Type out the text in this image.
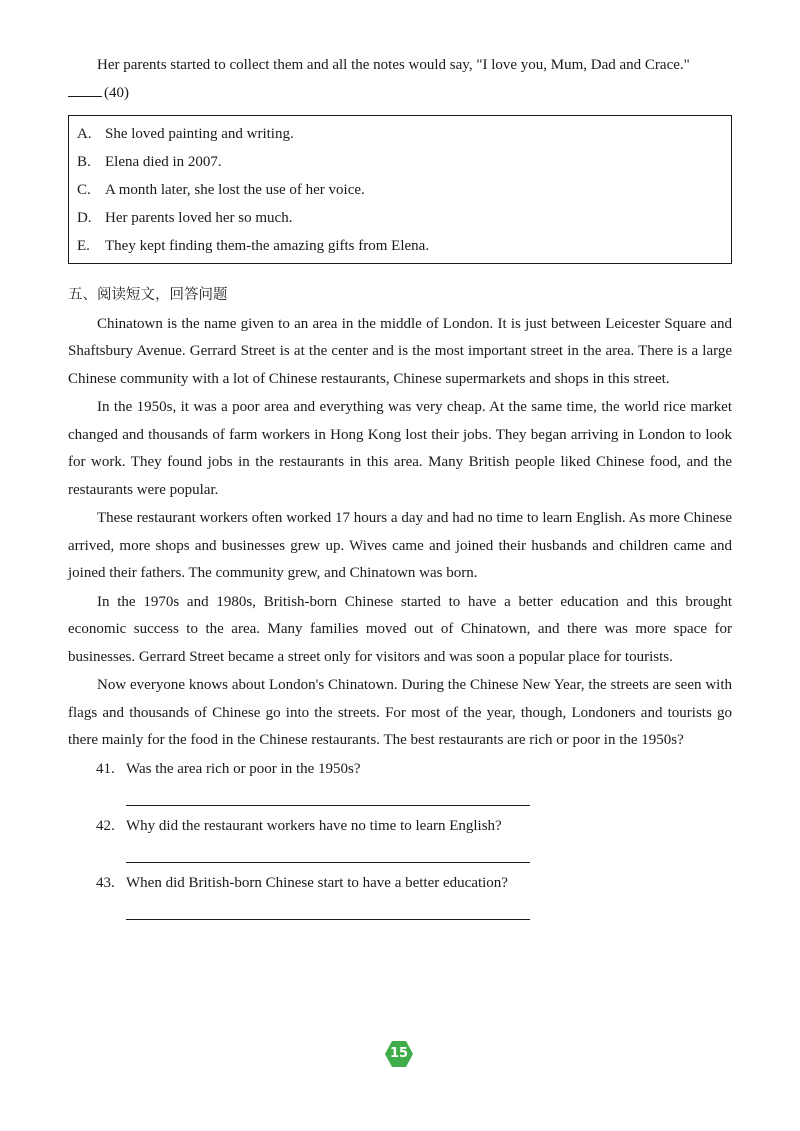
Her parents started to collect them and all the notes would say, "I love you, Mum, Dad and Crace."

(40)

A. She loved painting and writing.
B. Elena died in 2007.
C. A month later, she lost the use of her voice.
D. Her parents loved her so much.
E.	They kept finding them-the amazing gifts from Elena.
五、阅读短文，回答问题

Chinatown is the name given to an area in the middle of London. It is just between Leicester Square and Shaftsbury Avenue. Gerrard Street is at the center and is the most important street in the area. There is a large Chinese community with a lot of Chinese restaurants, Chinese supermarkets and shops in this street.

In the 1950s, it was a poor area and everything was very cheap. At the same time, the world rice market changed and thousands of farm workers in Hong Kong lost their jobs. They began arriving in London to look for work. They found jobs in the restaurants in this area. Many British people liked Chinese food, and the restaurants were popular.

These restaurant workers often worked 17 hours a day and had no time to learn English. As more Chinese arrived, more shops and businesses grew up. Wives came and joined their husbands and children came and joined their fathers. The community grew, and Chinatown was born.

In the 1970s and 1980s, British-born Chinese started to have a better education and this brought economic success to the area. Many families moved out of Chinatown, and there was more space for businesses. Gerrard Street became a street only for visitors and was soon a popular place for tourists.

Now everyone knows about London's Chinatown. During the Chinese New Year, the streets are seen with flags and thousands of Chinese go into the streets. For most of the year, though, Londoners and tourists go there mainly for the food in the Chinese restaurants. The best restaurants are rich or poor in the 1950s?

41. Was the area rich or poor in the 1950s?
42. Why did the restaurant workers have no time to learn English?
43. When did British-born Chinese start to have a better education?
15
